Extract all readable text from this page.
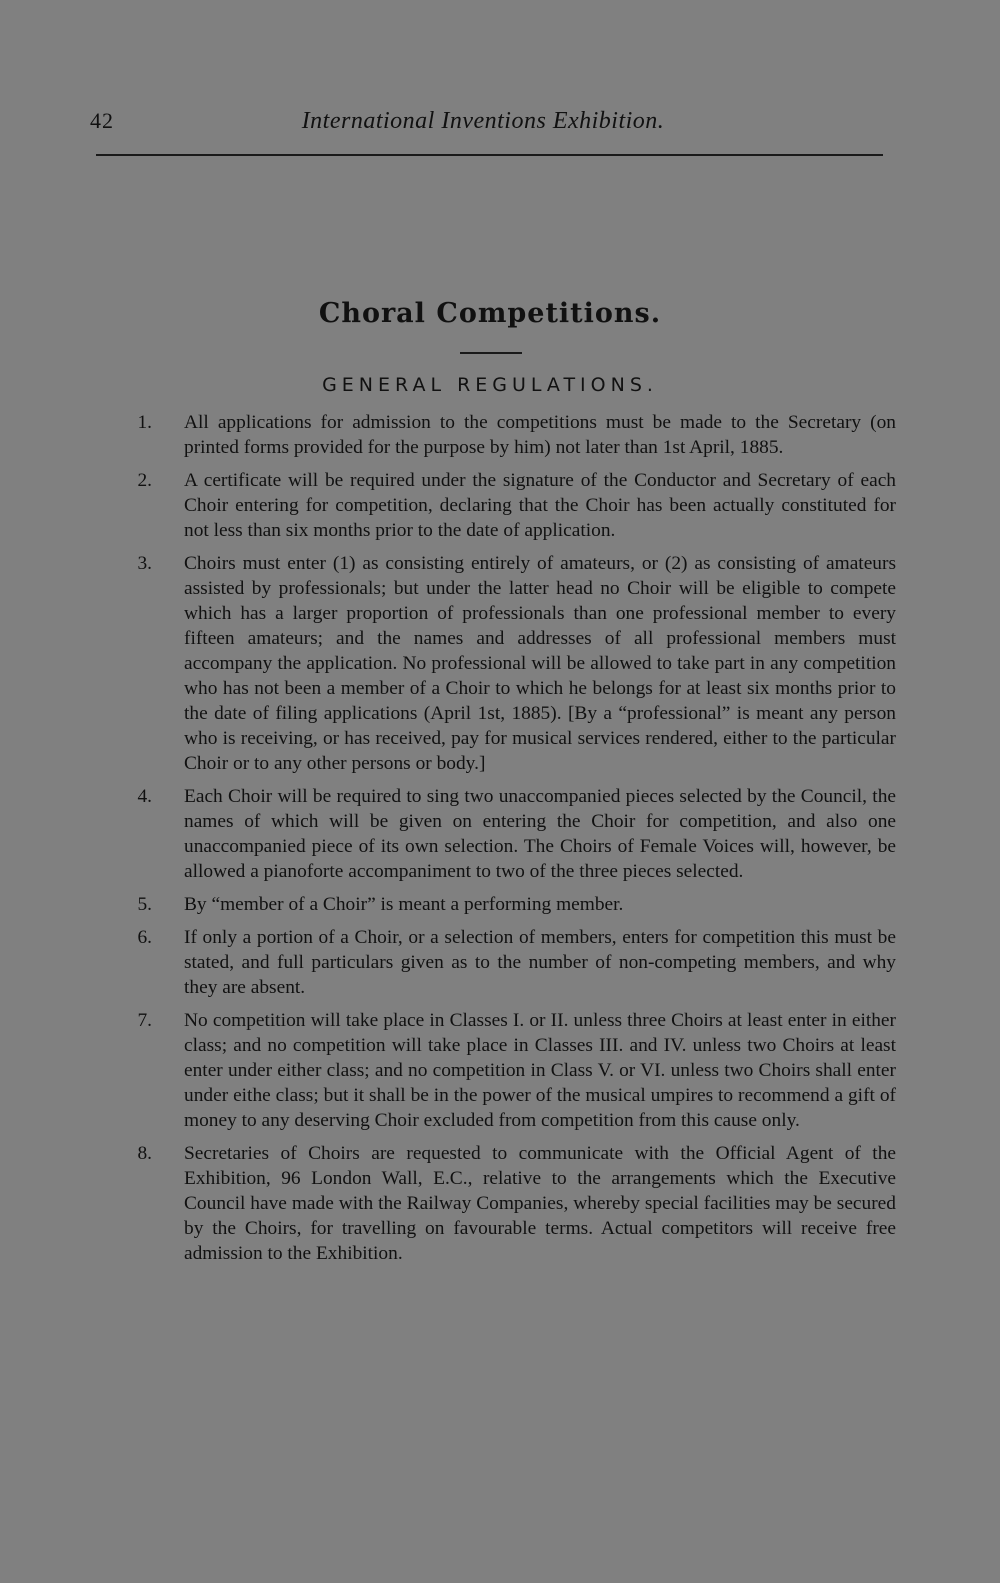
42	International Inventions Exhibition.
Choral Competitions.
GENERAL REGULATIONS.
1. All applications for admission to the competitions must be made to the Secretary (on printed forms provided for the purpose by him) not later than 1st April, 1885.
2. A certificate will be required under the signature of the Conductor and Secretary of each Choir entering for competition, declaring that the Choir has been actually constituted for not less than six months prior to the date of application.
3. Choirs must enter (1) as consisting entirely of amateurs, or (2) as consisting of amateurs assisted by professionals; but under the latter head no Choir will be eligible to compete which has a larger proportion of professionals than one professional member to every fifteen amateurs; and the names and addresses of all professional members must accompany the application. No professional will be allowed to take part in any competition who has not been a member of a Choir to which he belongs for at least six months prior to the date of filing applications (April 1st, 1885). [By a “professional” is meant any person who is receiving, or has received, pay for musical services rendered, either to the particular Choir or to any other persons or body.]
4. Each Choir will be required to sing two unaccompanied pieces selected by the Council, the names of which will be given on entering the Choir for competition, and also one unaccompanied piece of its own selection. The Choirs of Female Voices will, however, be allowed a pianoforte accompaniment to two of the three pieces selected.
5. By “member of a Choir” is meant a performing member.
6. If only a portion of a Choir, or a selection of members, enters for competition this must be stated, and full particulars given as to the number of non-competing members, and why they are absent.
7. No competition will take place in Classes I. or II. unless three Choirs at least enter in either class; and no competition will take place in Classes III. and IV. unless two Choirs at least enter under either class; and no competition in Class V. or VI. unless two Choirs shall enter under eithe class; but it shall be in the power of the musical umpires to recommend a gift of money to any deserving Choir excluded from competition from this cause only.
8. Secretaries of Choirs are requested to communicate with the Official Agent of the Exhibition, 96 London Wall, E.C., relative to the arrangements which the Executive Council have made with the Railway Companies, whereby special facilities may be secured by the Choirs, for travelling on favourable terms. Actual competitors will receive free admission to the Exhibition.
